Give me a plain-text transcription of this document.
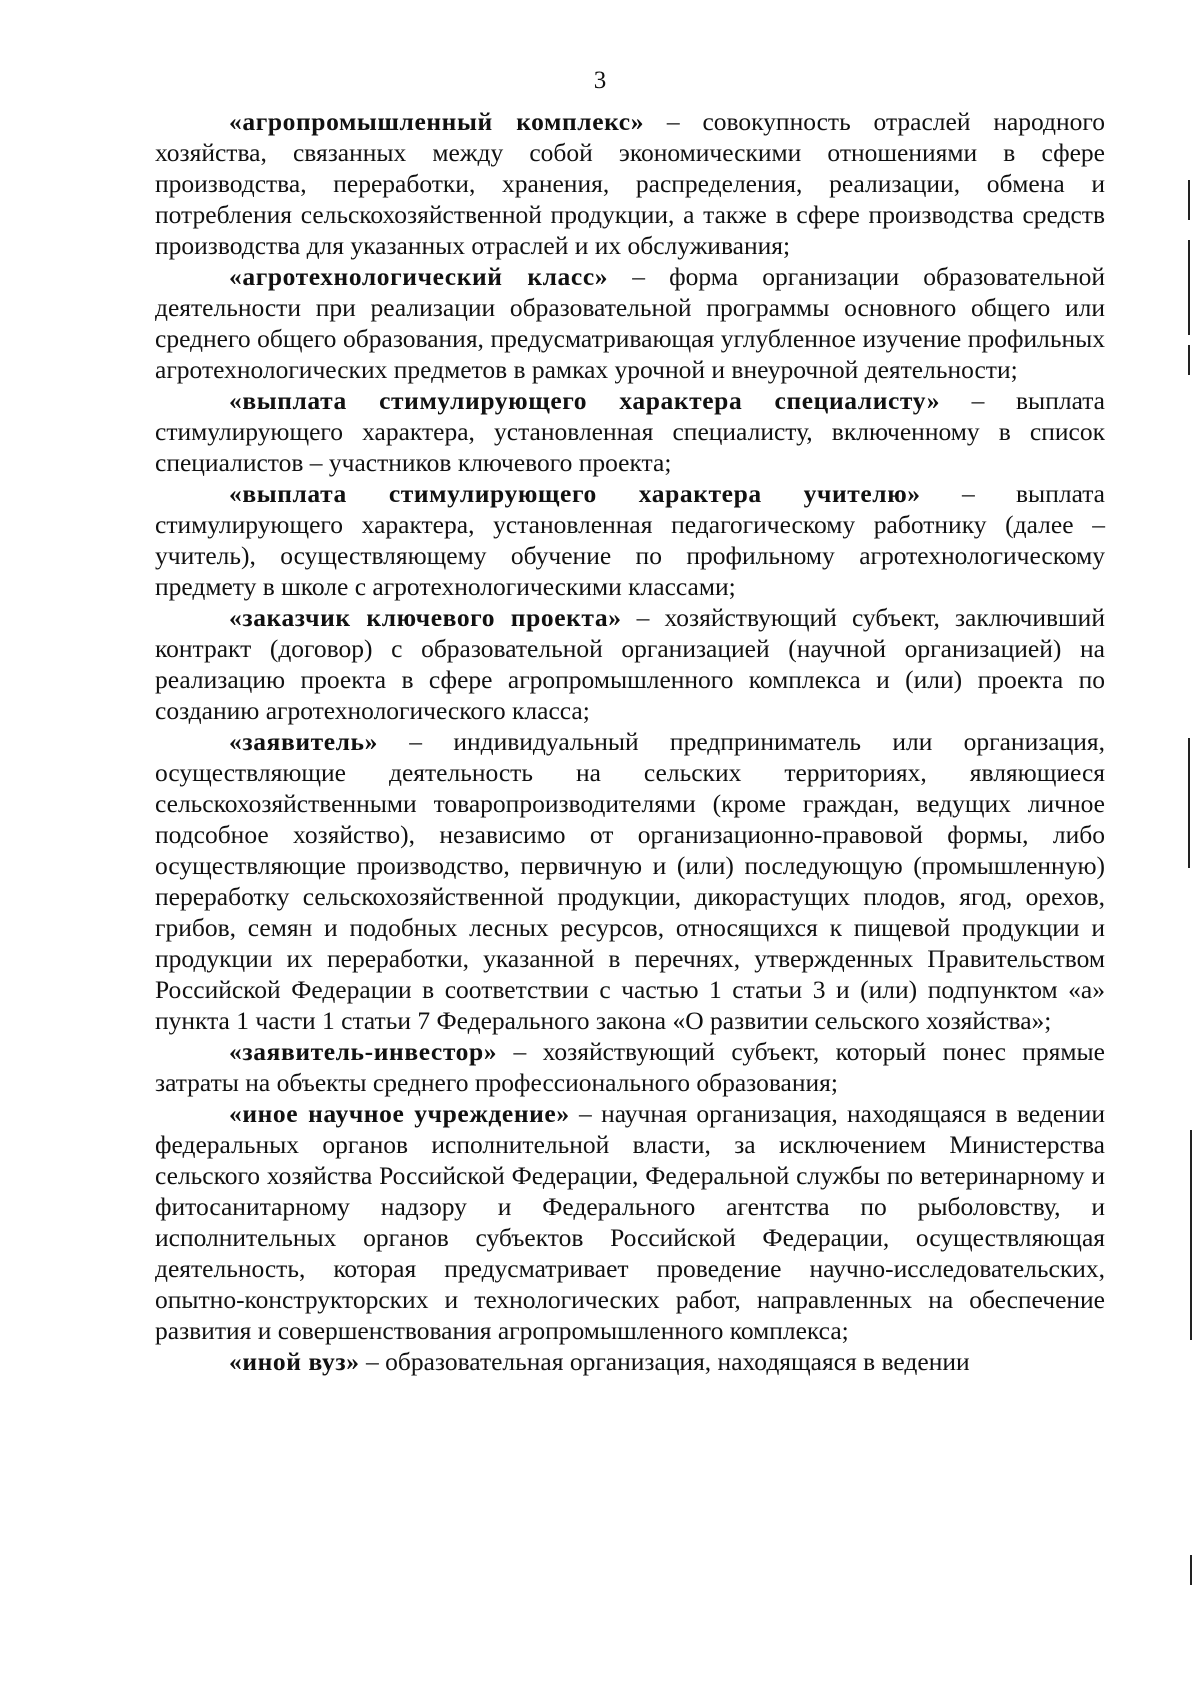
3

«агропромышленный комплекс» – совокупность отраслей народного хозяйства, связанных между собой экономическими отношениями в сфере производства, переработки, хранения, распределения, реализации, обмена и потребления сельскохозяйственной продукции, а также в сфере производства средств производства для указанных отраслей и их обслуживания;

«агротехнологический класс» – форма организации образовательной деятельности при реализации образовательной программы основного общего или среднего общего образования, предусматривающая углубленное изучение профильных агротехнологических предметов в рамках урочной и внеурочной деятельности;

«выплата стимулирующего характера специалисту» – выплата стимулирующего характера, установленная специалисту, включенному в список специалистов – участников ключевого проекта;

«выплата стимулирующего характера учителю» – выплата стимулирующего характера, установленная педагогическому работнику (далее – учитель), осуществляющему обучение по профильному агротехнологическому предмету в школе с агротехнологическими классами;

«заказчик ключевого проекта» – хозяйствующий субъект, заключивший контракт (договор) с образовательной организацией (научной организацией) на реализацию проекта в сфере агропромышленного комплекса и (или) проекта по созданию агротехнологического класса;

«заявитель» – индивидуальный предприниматель или организация, осуществляющие деятельность на сельских территориях, являющиеся сельскохозяйственными товаропроизводителями (кроме граждан, ведущих личное подсобное хозяйство), независимо от организационно-правовой формы, либо осуществляющие производство, первичную и (или) последующую (промышленную) переработку сельскохозяйственной продукции, дикорастущих плодов, ягод, орехов, грибов, семян и подобных лесных ресурсов, относящихся к пищевой продукции и продукции их переработки, указанной в перечнях, утвержденных Правительством Российской Федерации в соответствии с частью 1 статьи 3 и (или) подпунктом «а» пункта 1 части 1 статьи 7 Федерального закона «О развитии сельского хозяйства»;

«заявитель-инвестор» – хозяйствующий субъект, который понес прямые затраты на объекты среднего профессионального образования;

«иное научное учреждение» – научная организация, находящаяся в ведении федеральных органов исполнительной власти, за исключением Министерства сельского хозяйства Российской Федерации, Федеральной службы по ветеринарному и фитосанитарному надзору и Федерального агентства по рыболовству, и исполнительных органов субъектов Российской Федерации, осуществляющая деятельность, которая предусматривает проведение научно-исследовательских, опытно-конструкторских и технологических работ, направленных на обеспечение развития и совершенствования агропромышленного комплекса;

«иной вуз» – образовательная организация, находящаяся в ведении
